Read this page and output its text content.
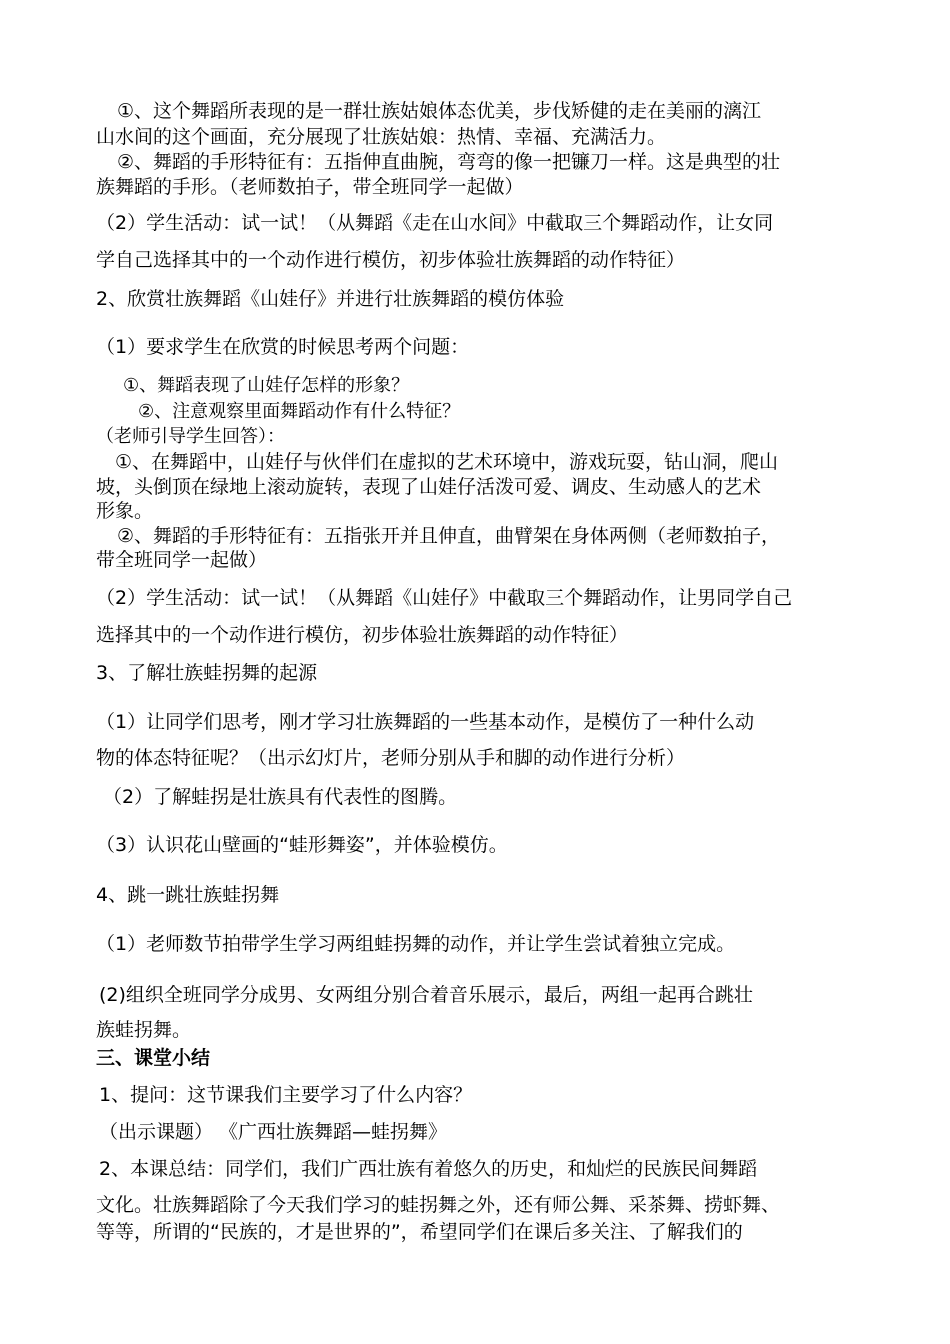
①、这个舞蹈所表现的是一群壮族姑娘体态优美，步伐矫健的走在美丽的漓江
山水间的这个画面，充分展现了壮族姑娘：热情、幸福、充满活力。
②、舞蹈的手形特征有：五指伸直曲腕，弯弯的像一把镰刀一样。这是典型的壮
族舞蹈的手形。（老师数拍子，带全班同学一起做）
（2）学生活动：试一试！（从舞蹈《走在山水间》中截取三个舞蹈动作，让女同
学自己选择其中的一个动作进行模仿，初步体验壮族舞蹈的动作特征）
2、欣赏壮族舞蹈《山娃仔》并进行壮族舞蹈的模仿体验
（1）要求学生在欣赏的时候思考两个问题：
①、舞蹈表现了山娃仔怎样的形象？
②、注意观察里面舞蹈动作有什么特征？
（老师引导学生回答）：
①、在舞蹈中，山娃仔与伙伴们在虚拟的艺术环境中，游戏玩耍，钻山洞，爬山
坡，头倒顶在绿地上滚动旋转，表现了山娃仔活泼可爱、调皮、生动感人的艺术
形象。
②、舞蹈的手形特征有：五指张开并且伸直，曲臂架在身体两侧（老师数拍子，
带全班同学一起做）
（2）学生活动：试一试！（从舞蹈《山娃仔》中截取三个舞蹈动作，让男同学自己
选择其中的一个动作进行模仿，初步体验壮族舞蹈的动作特征）
3、了解壮族蛙拐舞的起源
（1）让同学们思考，刚才学习壮族舞蹈的一些基本动作，是模仿了一种什么动
物的体态特征呢？（出示幻灯片，老师分别从手和脚的动作进行分析）
（2）了解蛙拐是壮族具有代表性的图腾。
（3）认识花山壁画的“蛙形舞姿”，并体验模仿。
4、跳一跳壮族蛙拐舞
（1）老师数节拍带学生学习两组蛙拐舞的动作，并让学生尝试着独立完成。
(2)组织全班同学分成男、女两组分别合着音乐展示，最后，两组一起再合跳壮
族蛙拐舞。
三、课堂小结
1、提问：这节课我们主要学习了什么内容？
（出示课题） 《广西壮族舞蹈—蛙拐舞》
2、本课总结：同学们，我们广西壮族有着悠久的历史，和灿烂的民族民间舞蹈
文化。壮族舞蹈除了今天我们学习的蛙拐舞之外，还有师公舞、采茶舞、捞虾舞、
等等，所谓的“民族的，才是世界的”，希望同学们在课后多关注、了解我们的
